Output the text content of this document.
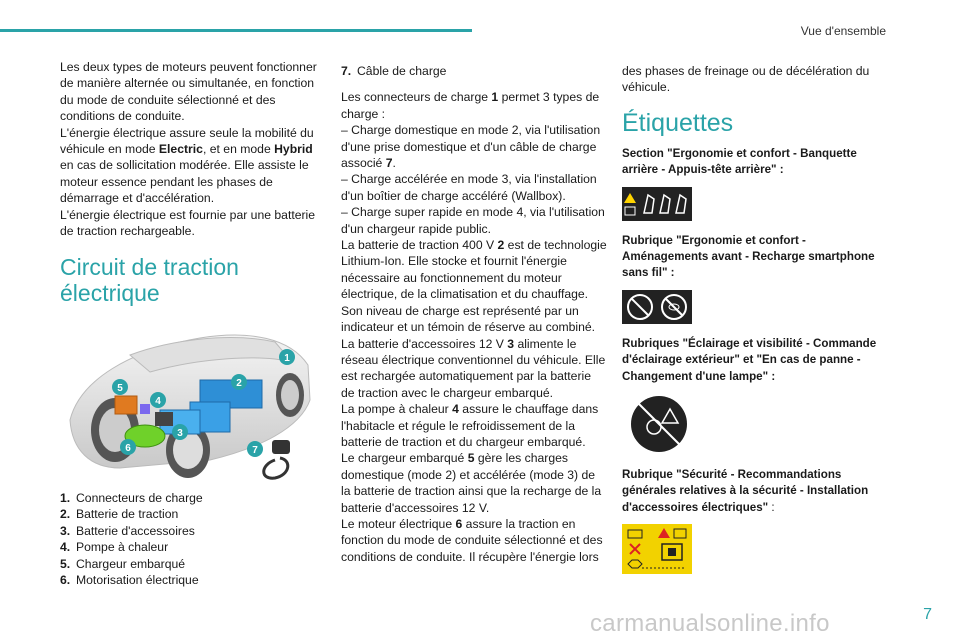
Vue d'ensemble

Les deux types de moteurs peuvent fonctionner de manière alternée ou simultanée, en fonction du mode de conduite sélectionné et des conditions de conduite.

L'énergie électrique assure seule la mobilité du véhicule en mode Electric, et en mode Hybrid en cas de sollicitation modérée. Elle assiste le moteur essence pendant les phases de démarrage et d'accélération.

L'énergie électrique est fournie par une batterie de traction rechargeable.

Circuit de traction électrique
1
2
3
4
5
6	7
1. Connecteurs de charge
2. Batterie de traction
3. Batterie d'accessoires
4. Pompe à chaleur
5. Chargeur embarqué
6. Motorisation électrique
7. Câble de charge

Les connecteurs de charge 1 permet 3 types de charge :

– Charge domestique en mode 2, via l'utilisation d'une prise domestique et d'un câble de charge associé 7.

– Charge accélérée en mode 3, via l'installation d'un boîtier de charge accéléré (Wallbox).

– Charge super rapide en mode 4, via l'utilisation d'un chargeur rapide public.

La batterie de traction 400 V 2 est de technologie Lithium-Ion. Elle stocke et fournit l'énergie nécessaire au fonctionnement du moteur électrique, de la climatisation et du chauffage. Son niveau de charge est représenté par un indicateur et un témoin de réserve au combiné.

La batterie d'accessoires 12 V 3 alimente le réseau électrique conventionnel du véhicule. Elle est rechargée automatiquement par la batterie de traction avec le chargeur embarqué.

La pompe à chaleur 4 assure le chauffage dans l'habitacle et régule le refroidissement de la batterie de traction et du chargeur embarqué.

Le chargeur embarqué 5 gère les charges domestique (mode 2) et accélérée (mode 3) de la batterie de traction ainsi que la recharge de la batterie d'accessoires 12 V.

Le moteur électrique 6 assure la traction en fonction du mode de conduite sélectionné et des conditions de conduite. Il récupère l'énergie lors

des phases de freinage ou de décélération du véhicule.

Étiquettes

Section "Ergonomie et confort - Banquette arrière - Appuis-tête arrière" :

Rubrique "Ergonomie et confort - Aménagements avant - Recharge smartphone sans fil" :

Rubriques "Éclairage et visibilité - Commande d'éclairage extérieur" et "En cas de panne - Changement d'une lampe" :

Rubrique "Sécurité - Recommandations générales relatives à la sécurité - Installation d'accessoires électriques" :

carmanualsonline.info	7
